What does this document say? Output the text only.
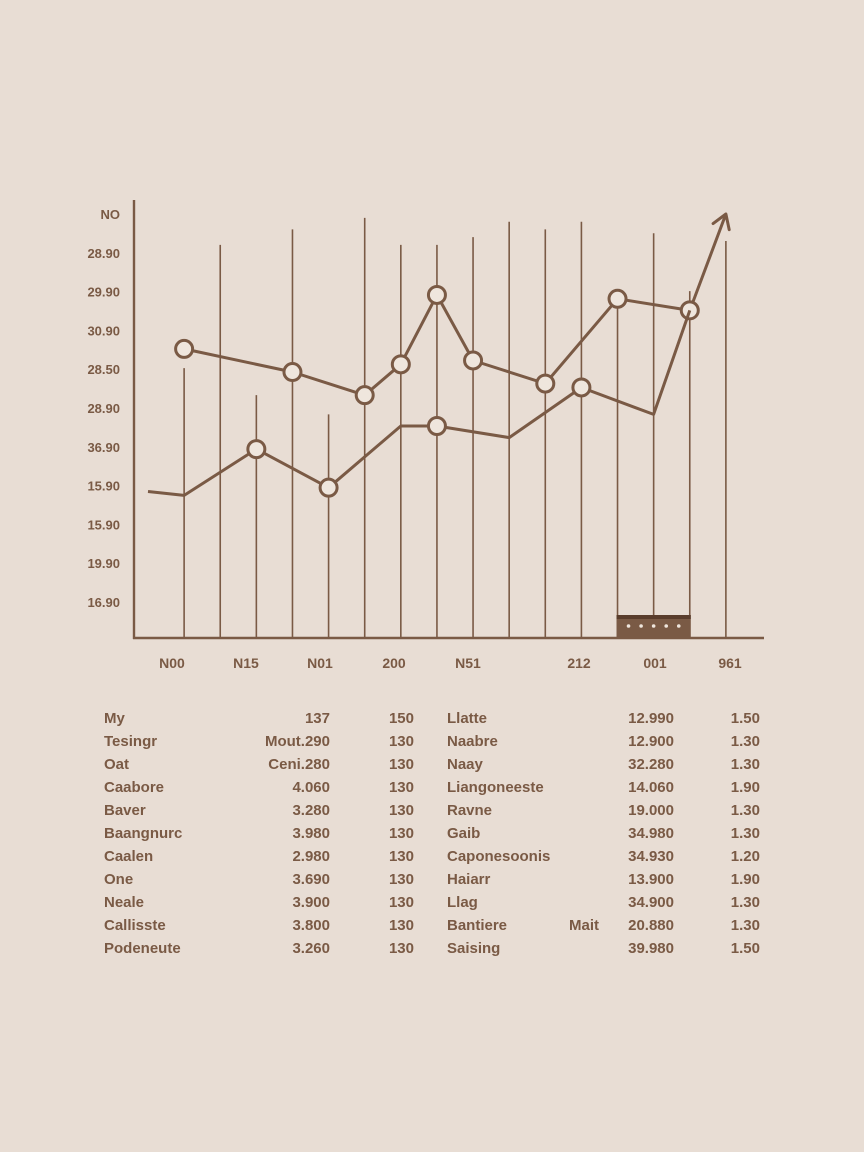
NO
28.90
29.90
30.90
28.50
28.90
36.90
15.90
15.90
19.90
16.90
N00	N15	N01	200	N51	212	001	961
My	137	150 Llatte	12.990	1.50
Tesingr	Mout.290	130 Naabre	12.900	1.30
Oat	Ceni.280	130 Naay	32.280	1.30
Caabore	4.060	130 Liangoneeste	14.060	1.90
Baver	3.280	130 Ravne	19.000	1.30
Baangnurc	3.980	130 Gaib	34.980	1.30
Caalen	2.980	130 Caponesoonis	34.930	1.20
One	3.690	130 Haiarr	13.900	1.90
Neale	3.900	130 Llag	34.900	1.30
Callisste	3.800	130 Bantiere	Mait 20.880	1.30
Podeneute	3.260	130 Saising	39.980	1.50
